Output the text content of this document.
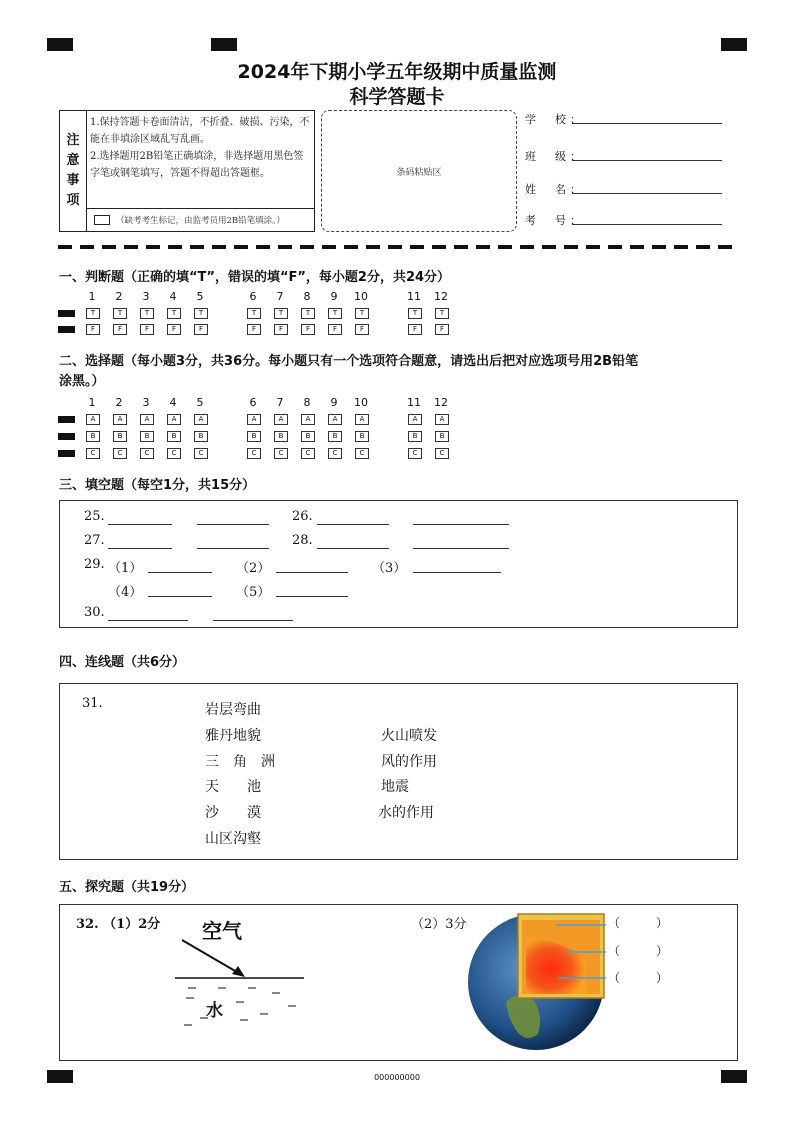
2024年下期小学五年级期中质量监测
科学答题卡
注
意
事
项
1.保持答题卡卷面清洁，不折叠、破损、污染，不能在非填涂区域乱写乱画。
2.选择题用2B铅笔正确填涂，非选择题用黑色签字笔或钢笔填写，答题不得超出答题框。
（缺考考生标记，由监考员用2B铅笔填涂。）
条码粘贴区
学　校：
班　级：
姓　名：
考　号：
一、判断题（正确的填“T”，错误的填“F”，每小题2分，共24分）
1	2	3	4	5	6	7	8	9	10	11 12
T	T	T	T	T	T	T	T	T	T	T	T
F	F	F	F	F	F	F	F	F	F	F	F
二、选择题（每小题3分，共36分。每小题只有一个选项符合题意，请选出后把对应选项号用2B铅笔
涂黑。）
1	2	3	4	5	6	7	8	9	10	11 12
A	A	A	A	A	A	A	A	A	A	A	A
B	B	B	B	B	B	B	B	B	B	B	B
C	C	C	C	C	C	C	C	C	C	C	C
三、填空题（每空1分，共15分）
25.	26.
27.	28.
29. （1）	（2）	（3）
（4）	（5）
30.
四、连线题（共6分）
31.	岩层弯曲
雅丹地貌
三　角　洲
天　　池
沙　　漠
山区沟壑
火山喷发
风的作用
地震
水的作用
五、探究题（共19分）
32. （1）2分	（2）3分
空气
水
（　　　）
（　　　）
（　　　）
000000000
